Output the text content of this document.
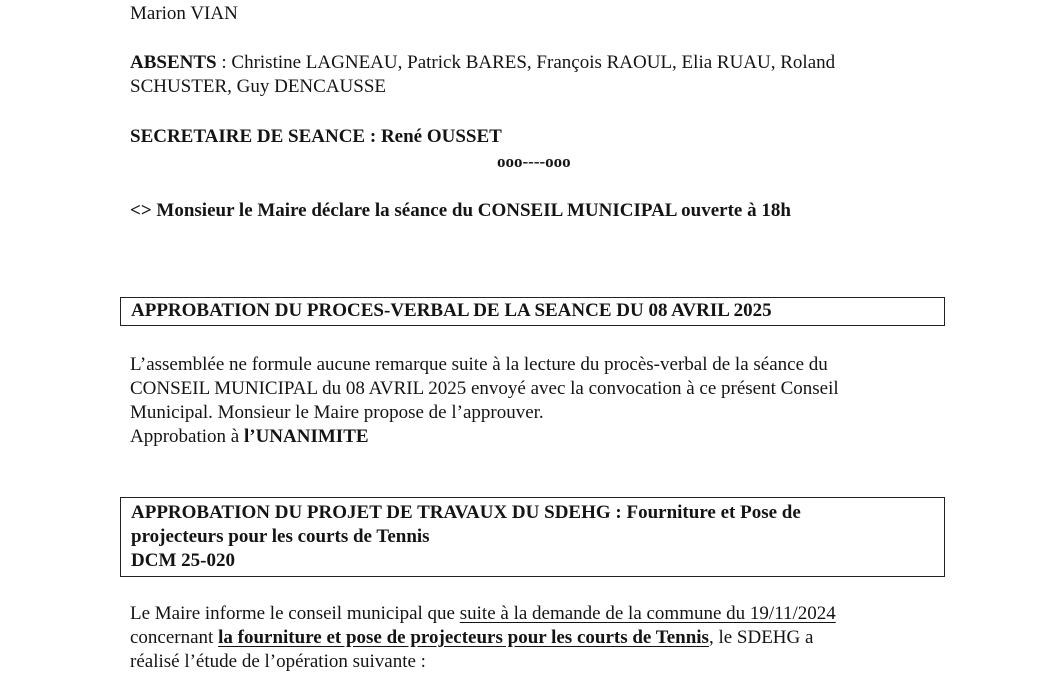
Marion VIAN
ABSENTS : Christine LAGNEAU, Patrick BARES, François RAOUL, Elia RUAU, Roland
SCHUSTER, Guy DENCAUSSE
SECRETAIRE DE SEANCE : René OUSSET
ooo----ooo
<> Monsieur le Maire déclare la séance du CONSEIL MUNICIPAL ouverte à 18h
APPROBATION DU PROCES-VERBAL DE LA SEANCE DU 08 AVRIL 2025
L’assemblée ne formule aucune remarque suite à la lecture du procès-verbal de la séance du
CONSEIL MUNICIPAL du 08 AVRIL 2025 envoyé avec la convocation à ce présent Conseil
Municipal. Monsieur le Maire propose de l’approuver.
Approbation à l’UNANIMITE
APPROBATION DU PROJET DE TRAVAUX DU SDEHG : Fourniture et Pose de
projecteurs pour les courts de Tennis
DCM 25-020
Le Maire informe le conseil municipal que suite à la demande de la commune du 19/11/2024
concernant la fourniture et pose de projecteurs pour les courts de Tennis, le SDEHG a
réalisé l’étude de l’opération suivante :
